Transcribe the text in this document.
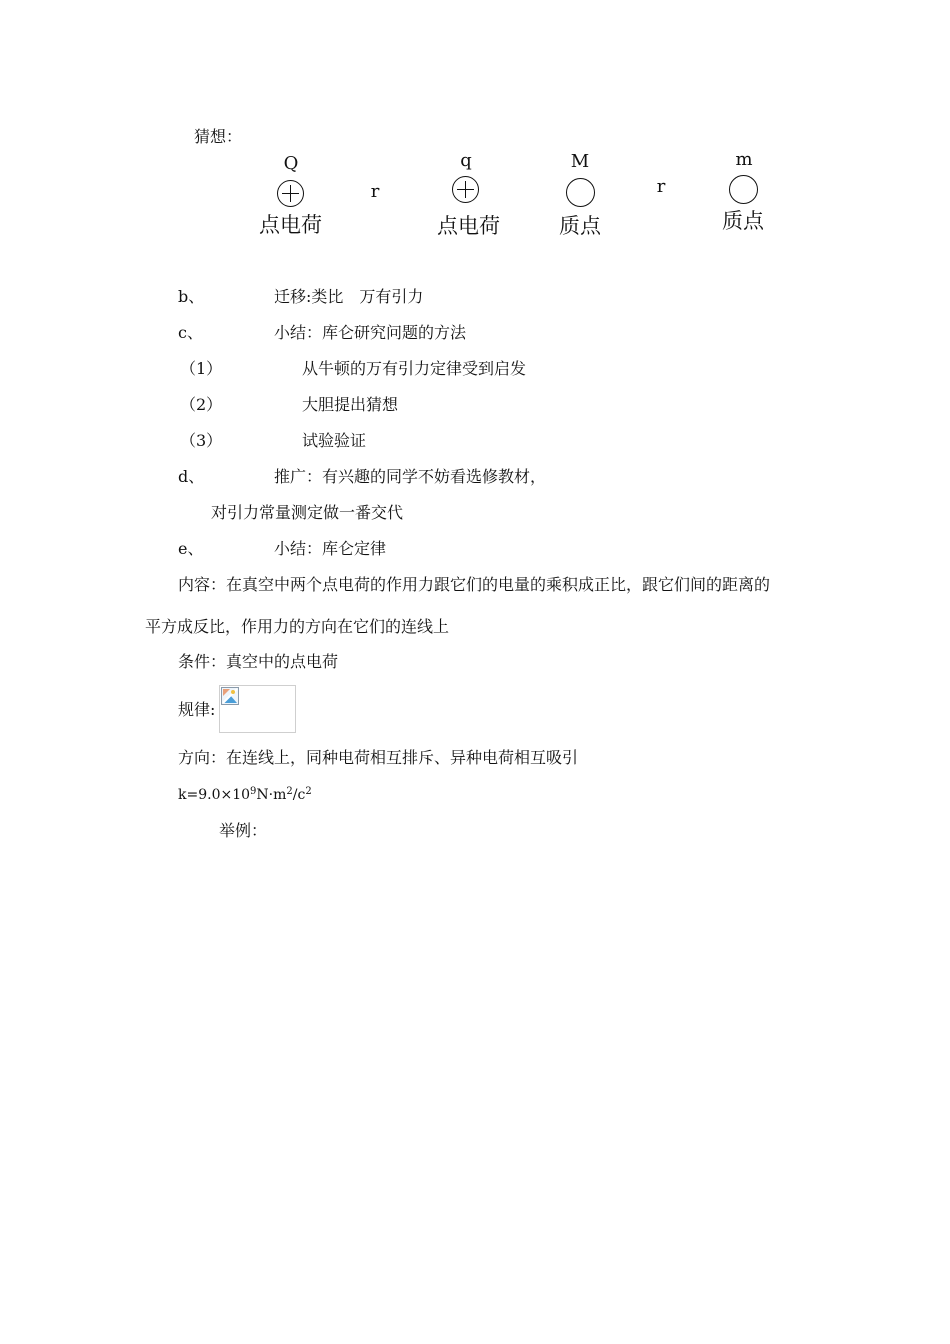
猜想：
Q
点电荷
r
q
点电荷
M
质点
r
m
质点
b、	迁移:类比　万有引力
c、	小结：库仑研究问题的方法
（1）	从牛顿的万有引力定律受到启发
（2）	大胆提出猜想
（3）	试验验证
d、	推广：有兴趣的同学不妨看选修教材，
对引力常量测定做一番交代
e、	小结：库仑定律
内容：在真空中两个点电荷的作用力跟它们的电量的乘积成正比，跟它们间的距离的
平方成反比，作用力的方向在它们的连线上
条件：真空中的点电荷
规律:
方向：在连线上，同种电荷相互排斥、异种电荷相互吸引
$k=9.0\times 10^9N\cdot m^2/c^2$
举例：
